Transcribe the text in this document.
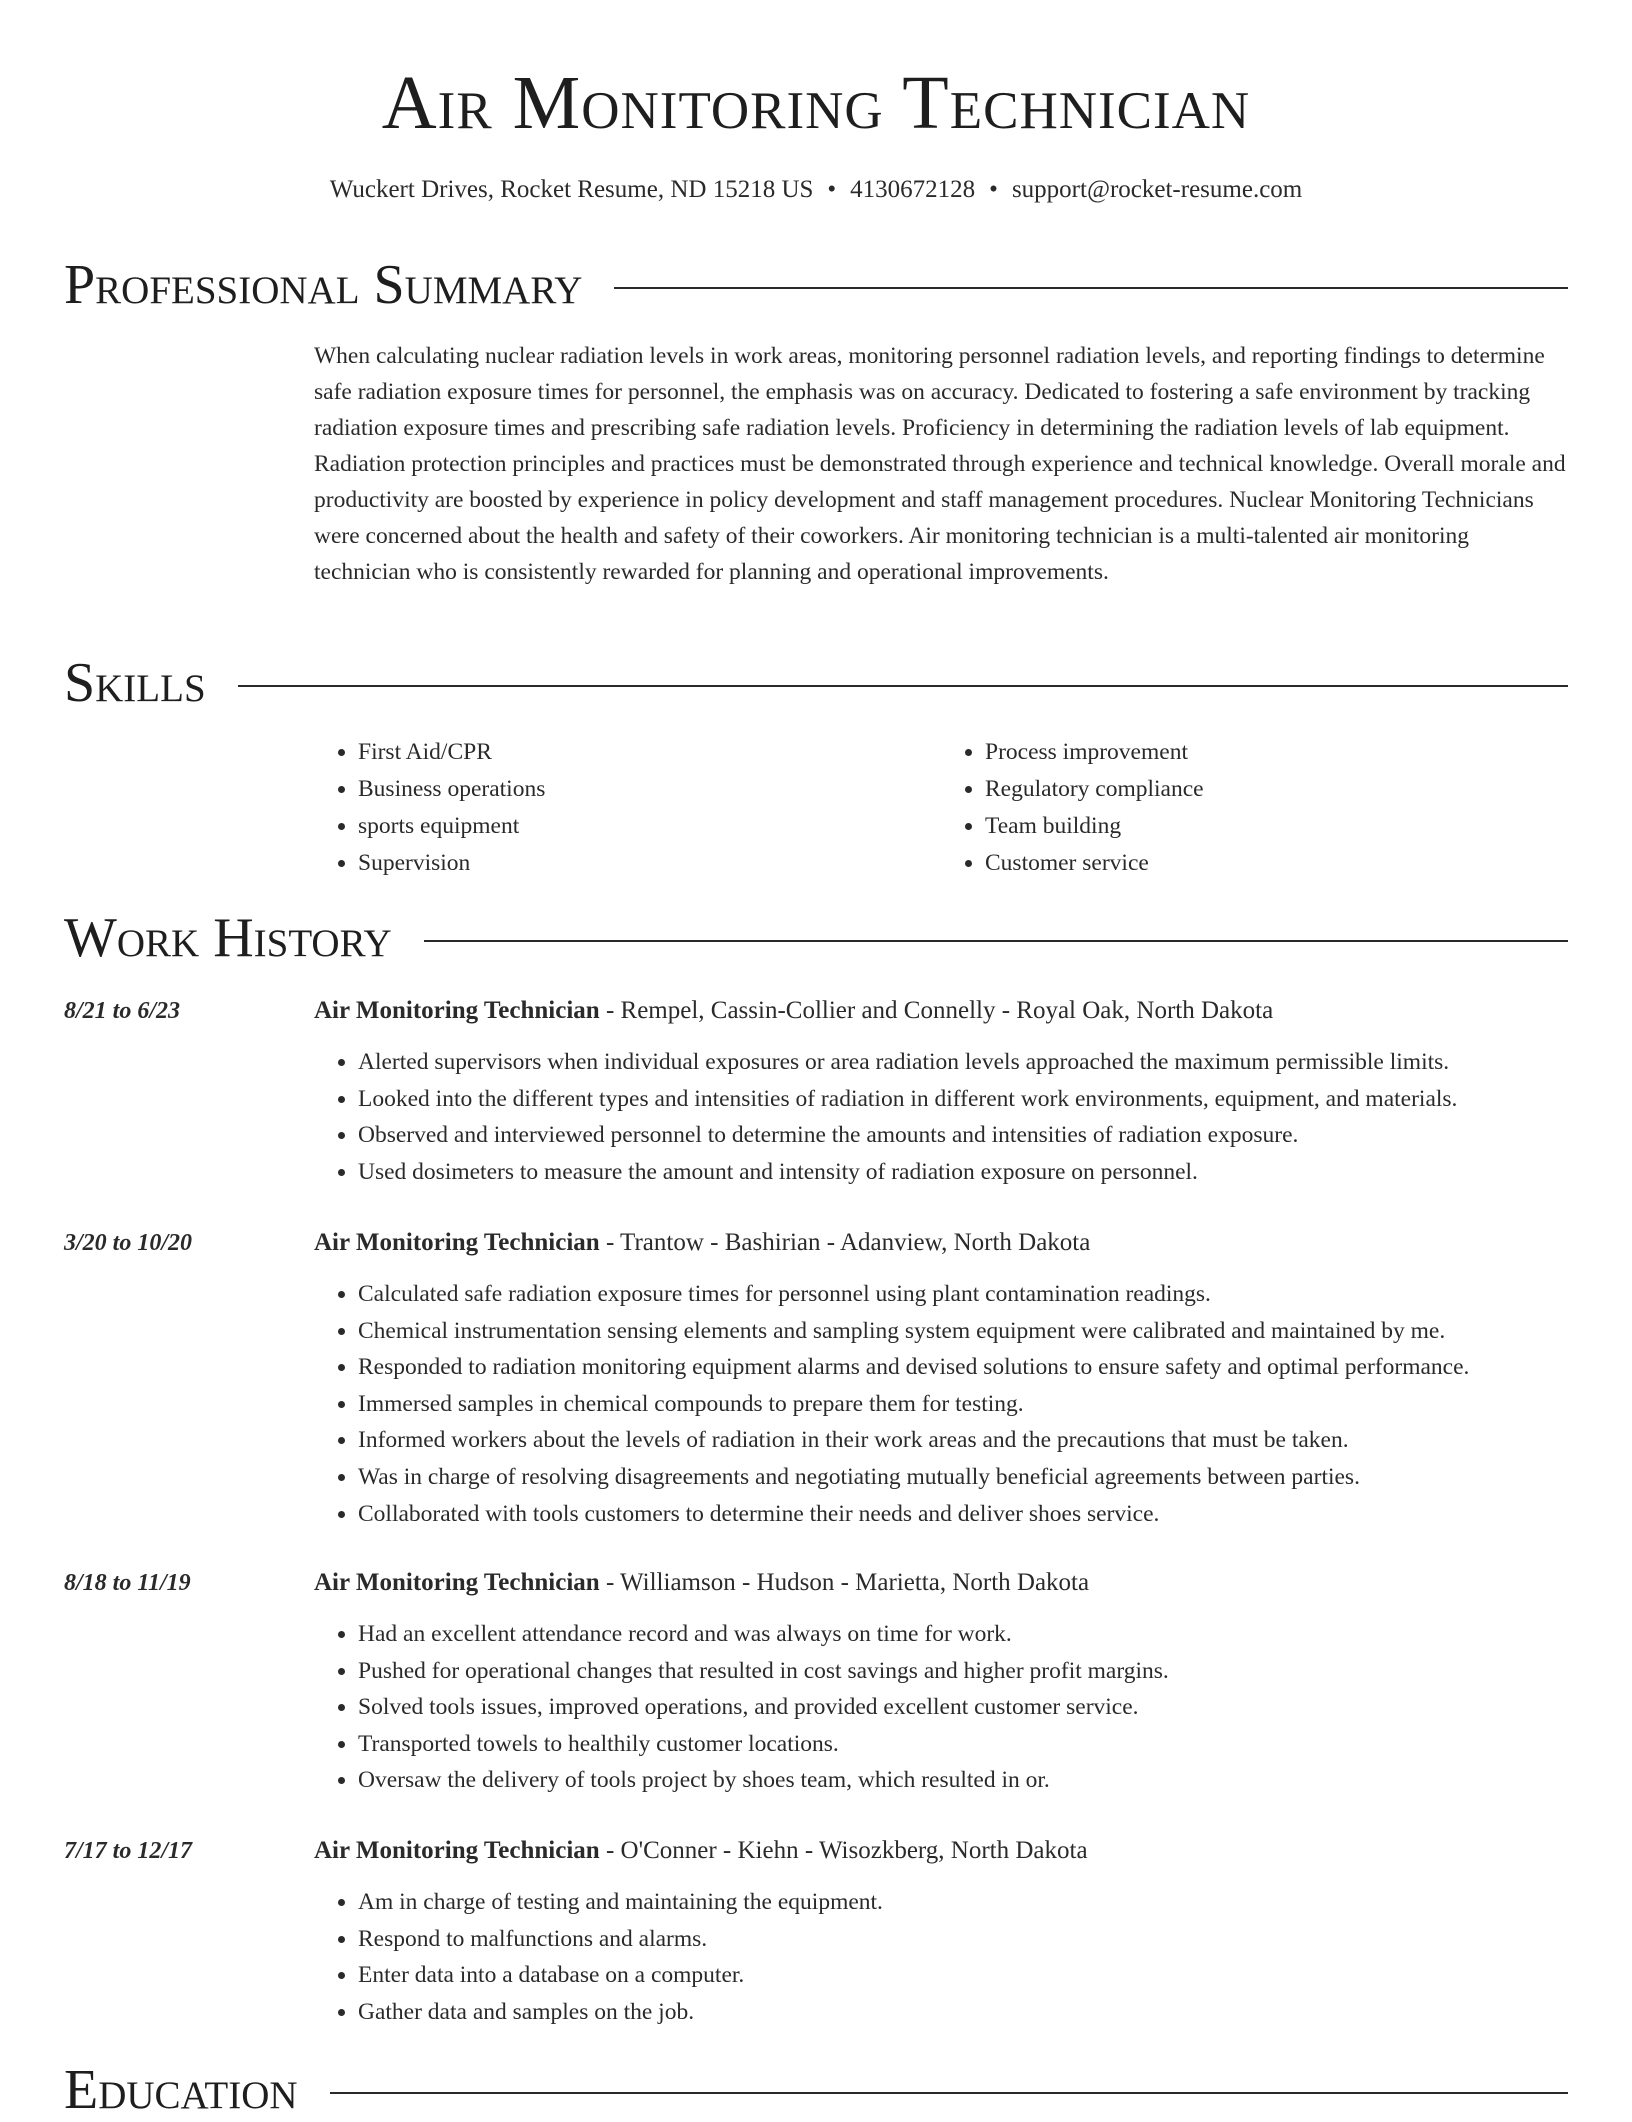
Air Monitoring Technician
Wuckert Drives, Rocket Resume, ND 15218 US • 4130672128 • support@rocket-resume.com
Professional Summary

When calculating nuclear radiation levels in work areas, monitoring personnel radiation levels, and reporting findings to determine safe radiation exposure times for personnel, the emphasis was on accuracy. Dedicated to fostering a safe environment by tracking radiation exposure times and prescribing safe radiation levels. Proficiency in determining the radiation levels of lab equipment. Radiation protection principles and practices must be demonstrated through experience and technical knowledge. Overall morale and productivity are boosted by experience in policy development and staff management procedures. Nuclear Monitoring Technicians were concerned about the health and safety of their coworkers. Air monitoring technician is a multi-talented air monitoring technician who is consistently rewarded for planning and operational improvements.

Skills
• First Aid/CPR
• Business operations
• sports equipment
• Supervision
• Process improvement
• Regulatory compliance
• Team building
• Customer service
Work History
8/21 to 6/23	Air Monitoring Technician - Rempel, Cassin-Collier and Connelly - Royal Oak, North Dakota
• Alerted supervisors when individual exposures or area radiation levels approached the maximum permissible limits.
• Looked into the different types and intensities of radiation in different work environments, equipment, and materials.
• Observed and interviewed personnel to determine the amounts and intensities of radiation exposure.
• Used dosimeters to measure the amount and intensity of radiation exposure on personnel.
3/20 to 10/20	Air Monitoring Technician - Trantow - Bashirian - Adanview, North Dakota
• Calculated safe radiation exposure times for personnel using plant contamination readings.
• Chemical instrumentation sensing elements and sampling system equipment were calibrated and maintained by me.
• Responded to radiation monitoring equipment alarms and devised solutions to ensure safety and optimal performance.
• Immersed samples in chemical compounds to prepare them for testing.
• Informed workers about the levels of radiation in their work areas and the precautions that must be taken.
• Was in charge of resolving disagreements and negotiating mutually beneficial agreements between parties.
• Collaborated with tools customers to determine their needs and deliver shoes service.
8/18 to 11/19	Air Monitoring Technician - Williamson - Hudson - Marietta, North Dakota
• Had an excellent attendance record and was always on time for work.
• Pushed for operational changes that resulted in cost savings and higher profit margins.
• Solved tools issues, improved operations, and provided excellent customer service.
• Transported towels to healthily customer locations.
• Oversaw the delivery of tools project by shoes team, which resulted in or.
7/17 to 12/17	Air Monitoring Technician - O'Conner - Kiehn - Wisozkberg, North Dakota
• Am in charge of testing and maintaining the equipment.
• Respond to malfunctions and alarms.
• Enter data into a database on a computer.
• Gather data and samples on the job.
Education
